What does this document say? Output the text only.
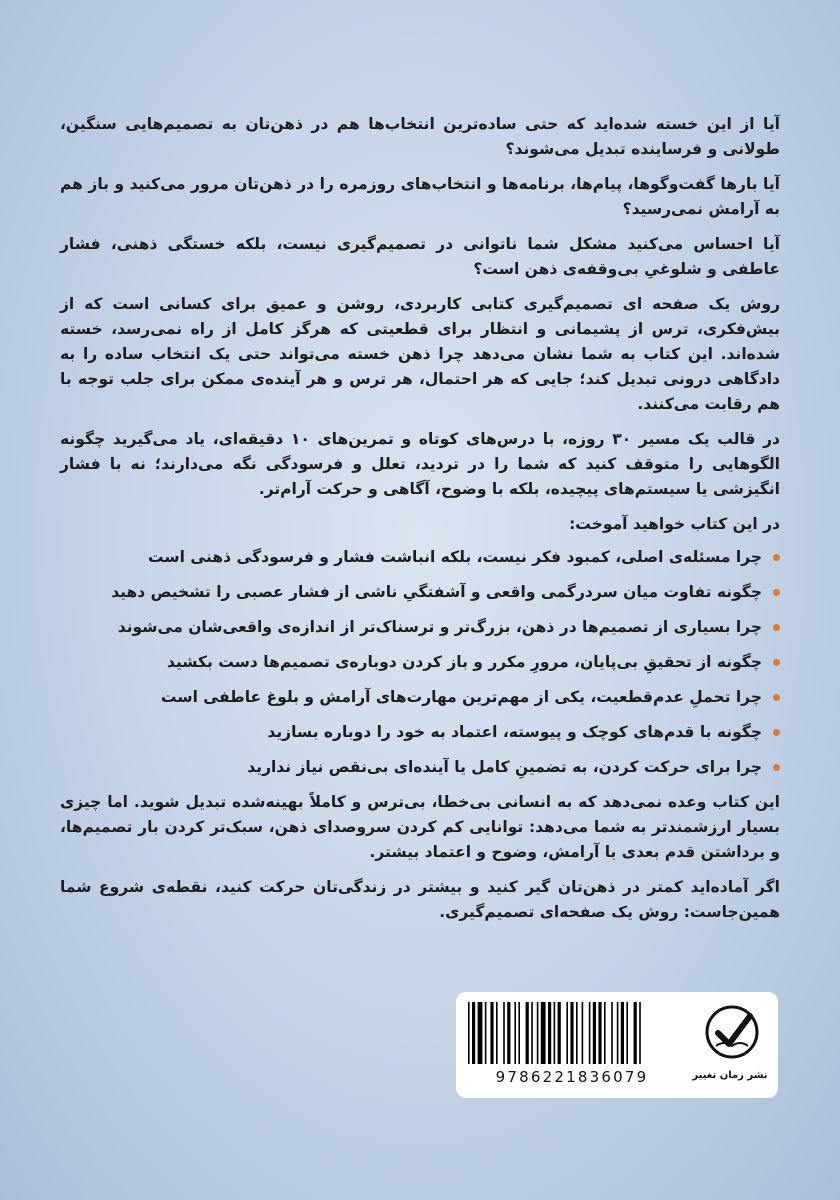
آیا از این خسته شده‌اید که حتی ساده‌ترین انتخاب‌ها هم در ذهن‌تان به تصمیم‌هایی سنگین، طولانی و فرساینده تبدیل می‌شوند؟

آیا بارها گفت‌وگوها، پیام‌ها، برنامه‌ها و انتخاب‌های روزمره را در ذهن‌تان مرور می‌کنید و باز هم به آرامش نمی‌رسید؟

آیا احساس می‌کنید مشکل شما ناتوانی در تصمیم‌گیری نیست، بلکه خستگی ذهنی، فشار عاطفی و شلوغیِ بی‌وقفه‌ی ذهن است؟

روش یک صفحه ای تصمیم‌گیری کتابی کاربردی، روشن و عمیق برای کسانی است که از بیش‌فکری، ترس از پشیمانی و انتظار برای قطعیتی که هرگز کامل از راه نمی‌رسد، خسته شده‌اند. این کتاب به شما نشان می‌دهد چرا ذهن خسته می‌تواند حتی یک انتخاب ساده را به دادگاهی درونی تبدیل کند؛ جایی که هر احتمال، هر ترس و هر آینده‌ی ممکن برای جلب توجه با هم رقابت می‌کنند.

در قالب یک مسیر ۳۰ روزه، با درس‌های کوتاه و تمرین‌های ۱۰ دقیقه‌ای، یاد می‌گیرید چگونه الگوهایی را متوقف کنید که شما را در تردید، تعلل و فرسودگی نگه می‌دارند؛ نه با فشار انگیزشی یا سیستم‌های پیچیده، بلکه با وضوح، آگاهی و حرکت آرام‌تر.

در این کتاب خواهید آموخت:

چرا مسئله‌ی اصلی، کمبود فکر نیست، بلکه انباشت فشار و فرسودگی ذهنی است
چگونه تفاوت میان سردرگمی واقعی و آشفتگیِ ناشی از فشار عصبی را تشخیص دهید
چرا بسیاری از تصمیم‌ها در ذهن، بزرگ‌تر و ترسناک‌تر از اندازه‌ی واقعی‌شان می‌شوند
چگونه از تحقیقِ بی‌پایان، مرورِ مکرر و باز کردن دوباره‌ی تصمیم‌ها دست بکشید
چرا تحملِ عدم‌قطعیت، یکی از مهم‌ترین مهارت‌های آرامش و بلوغ عاطفی است
چگونه با قدم‌های کوچک و پیوسته، اعتماد به خود را دوباره بسازید
چرا برای حرکت کردن، به تضمینِ کامل یا آینده‌ای بی‌نقص نیاز ندارید

این کتاب وعده نمی‌دهد که به انسانی بی‌خطا، بی‌ترس و کاملاً بهینه‌شده تبدیل شوید. اما چیزی بسیار ارزشمندتر به شما می‌دهد: توانایی کم کردن سروصدای ذهن، سبک‌تر کردن بار تصمیم‌ها، و برداشتن قدم بعدی با آرامش، وضوح و اعتماد بیشتر.

اگر آماده‌اید کمتر در ذهن‌تان گیر کنید و بیشتر در زندگی‌تان حرکت کنید، نقطه‌ی شروع شما همین‌جاست: روش یک صفحه‌ای تصمیم‌گیری.

9786221836079	نشر زمان تغییر
